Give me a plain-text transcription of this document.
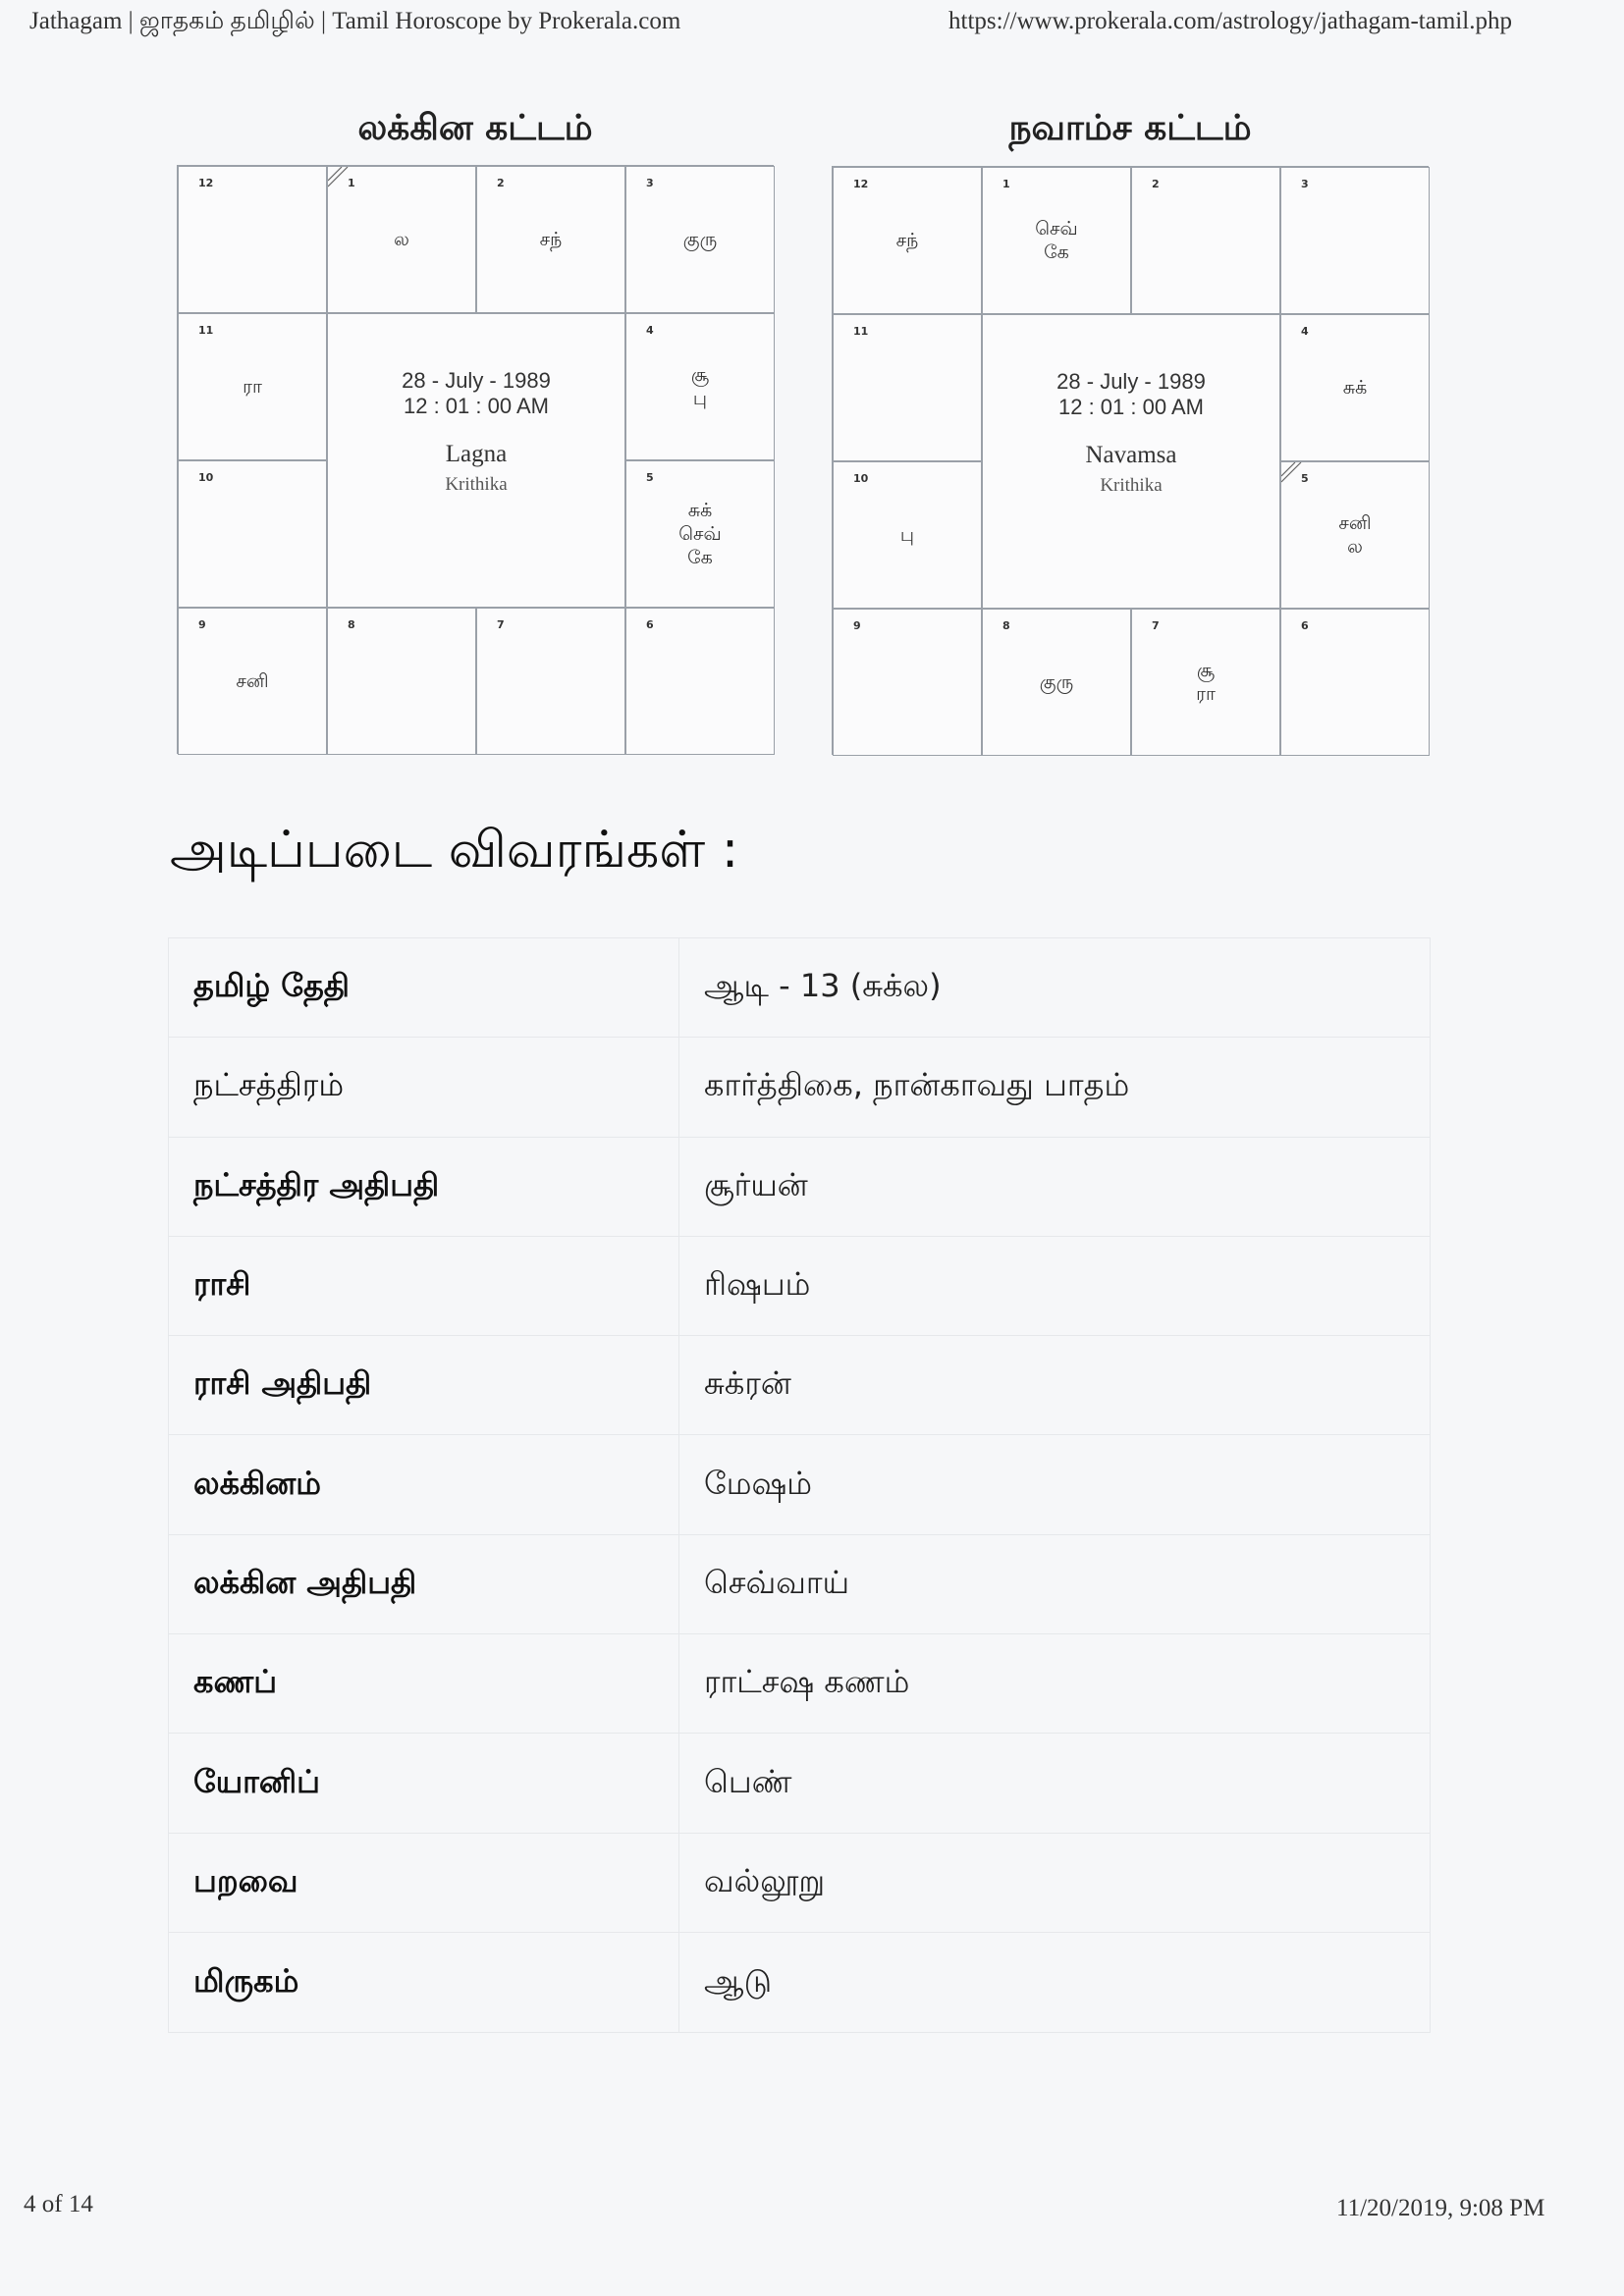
Jathagam | ஜாதகம் தமிழில் | Tamil Horoscope by Prokerala.com	https://www.prokerala.com/astrology/jathagam-tamil.php
லக்கின கட்டம்
28 - July - 1989
12 : 01 : 00 AM
Lagna
Krithika
12	1
ல
2
சந்
3
குரு
11
ரா
4
சூ
பு
10	5
சுக்
செவ்
கே
9
சனி
8	7	6
நவாம்ச கட்டம்
28 - July - 1989
12 : 01 : 00 AM
Navamsa
Krithika
12
சந்
1
செவ்
கே
2	3
11	4
சுக்
10
பு
5
சனி
ல
9	8
குரு
7
சூ
ரா
6
அடிப்படை விவரங்கள் :
தமிழ் தேதி	ஆடி - 13 (சுக்ல)
நட்சத்திரம்	கார்த்திகை, நான்காவது பாதம்
நட்சத்திர அதிபதி	சூர்யன்
ராசி	ரிஷபம்
ராசி அதிபதி	சுக்ரன்
லக்கினம்	மேஷம்
லக்கின அதிபதி	செவ்வாய்
கணப்	ராட்சஷ கணம்
யோனிப்	பெண்
பறவை	வல்லூறு
மிருகம்	ஆடு
4 of 14	11/20/2019, 9:08 PM
